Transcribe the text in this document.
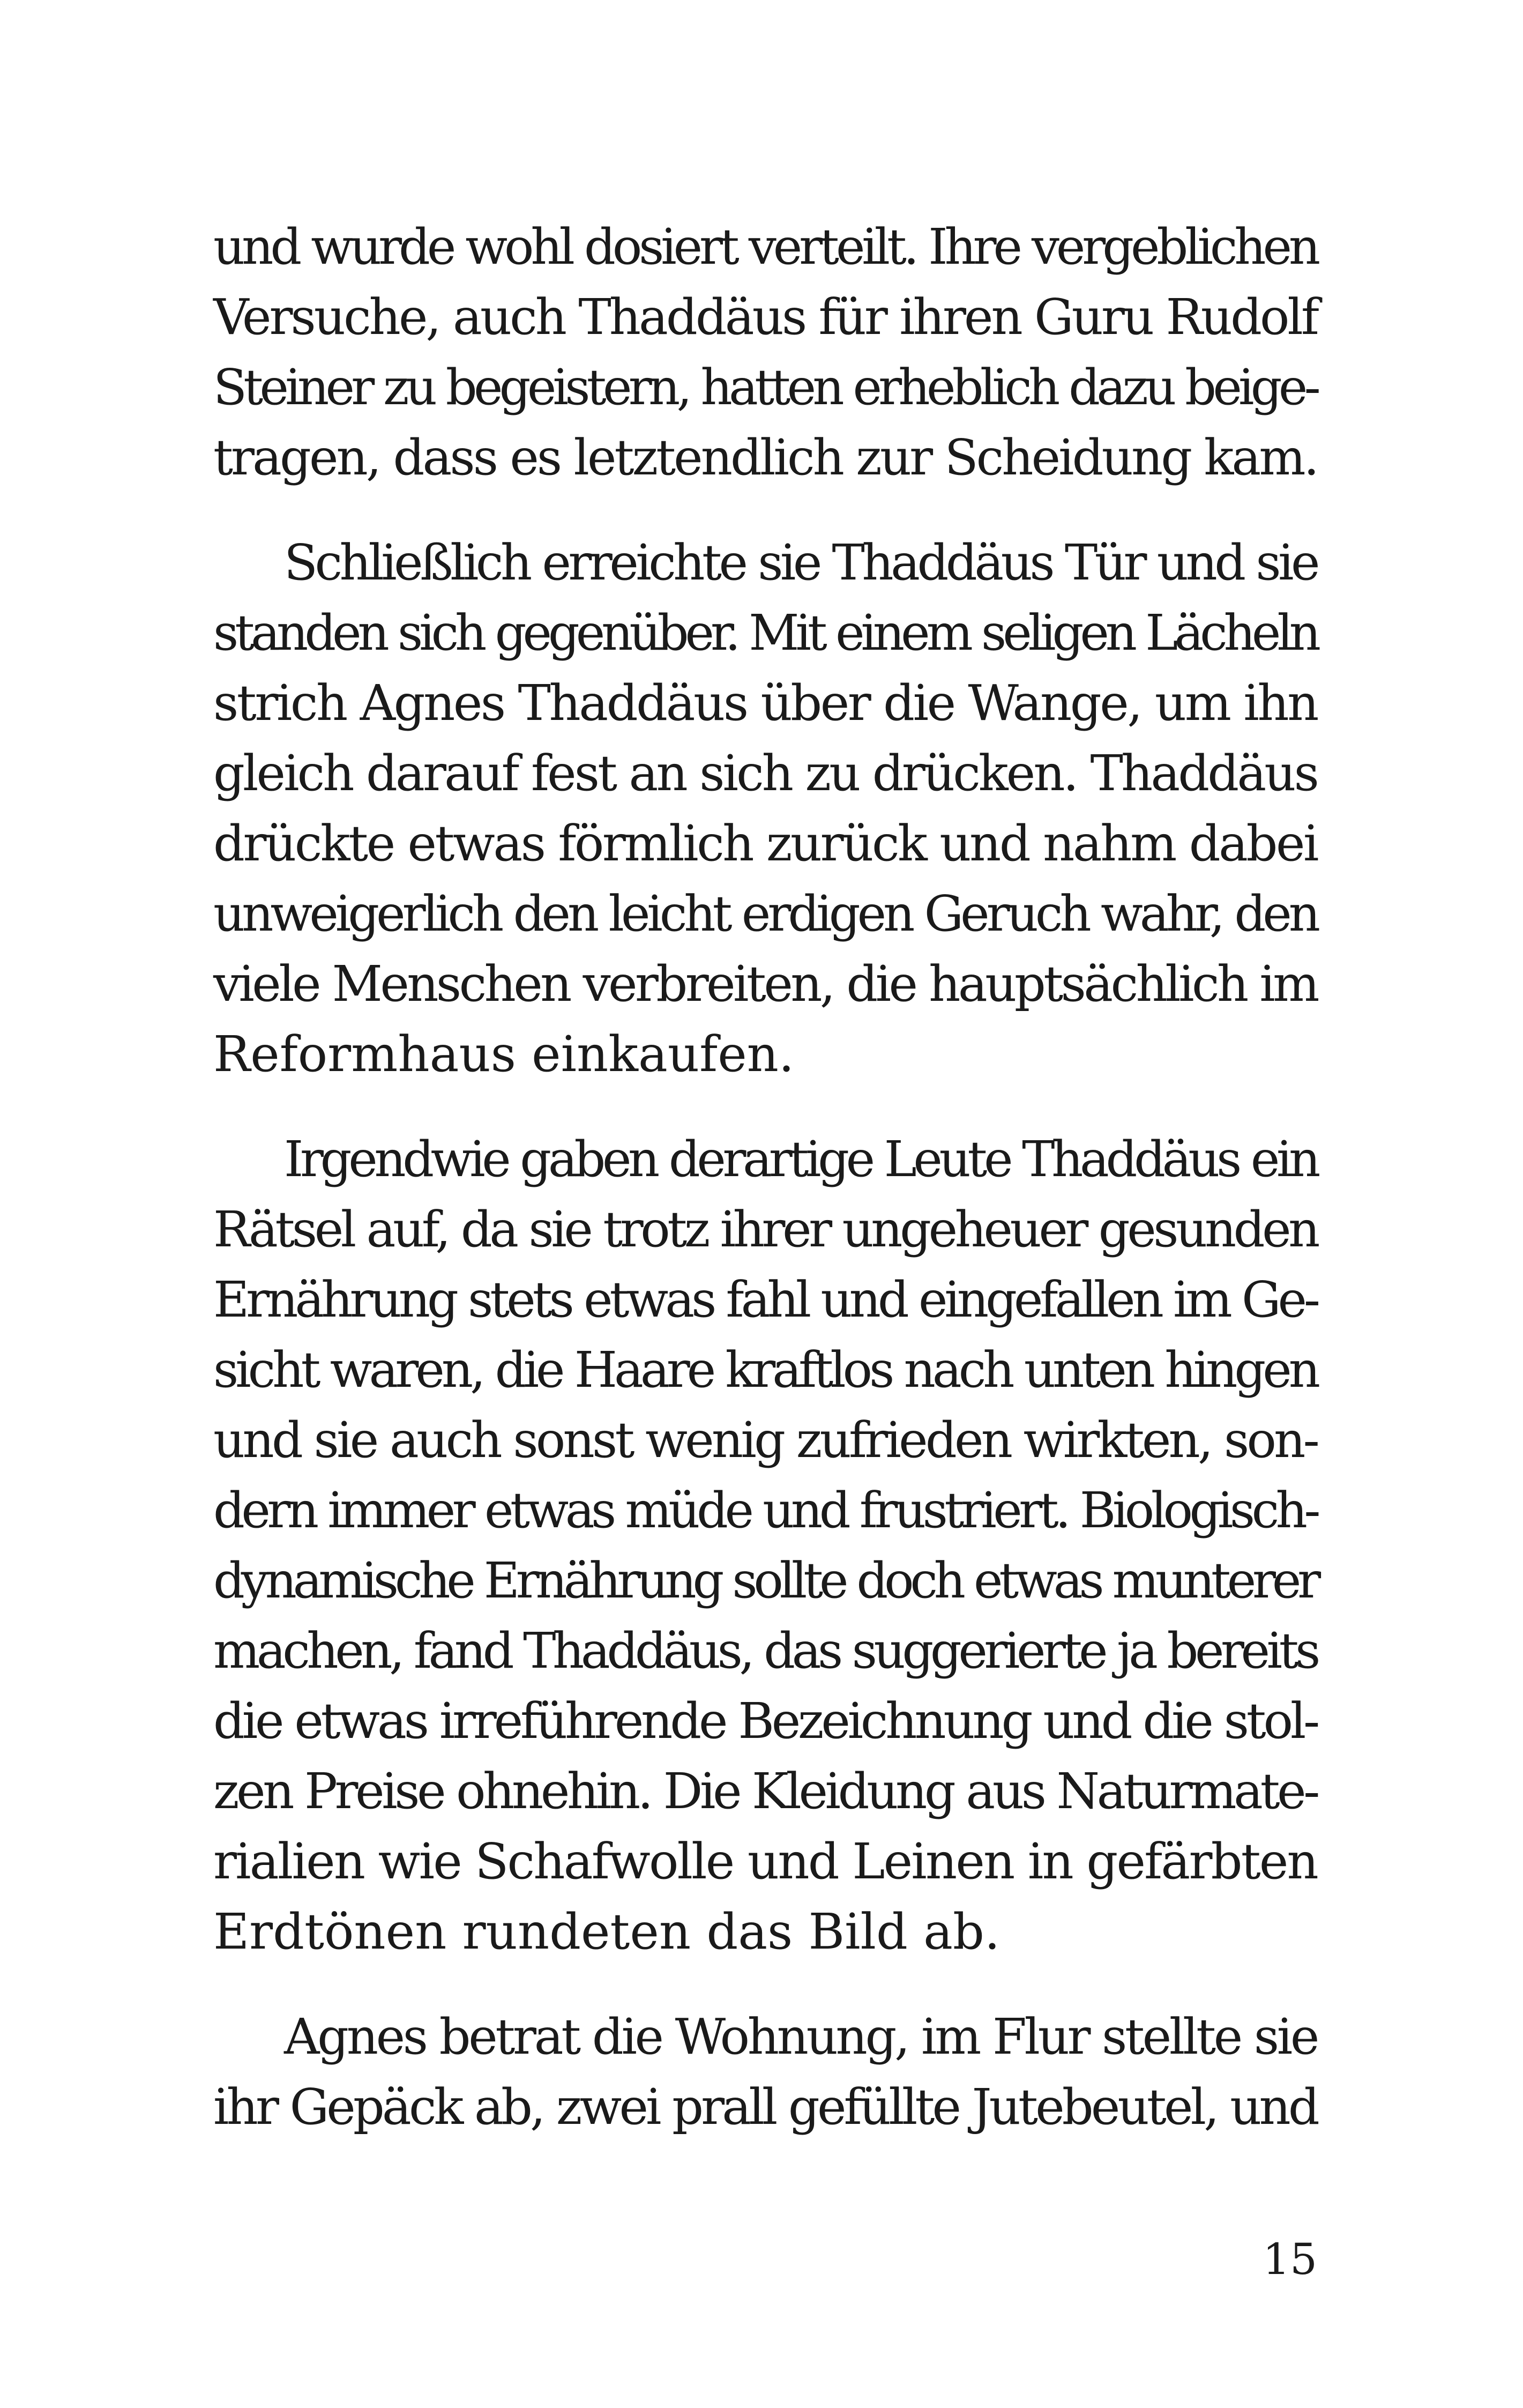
und wurde wohl dosiert verteilt. Ihre vergeblichen
Versuche, auch Thaddäus für ihren Guru Rudolf
Steiner zu begeistern, hatten erheblich dazu beige-
tragen, dass es letztendlich zur Scheidung kam.
Schließlich erreichte sie Thaddäus Tür und sie
standen sich gegenüber. Mit einem seligen Lächeln
strich Agnes Thaddäus über die Wange, um ihn
gleich darauf fest an sich zu drücken. Thaddäus
drückte etwas förmlich zurück und nahm dabei
unweigerlich den leicht erdigen Geruch wahr, den
viele Menschen verbreiten, die hauptsächlich im
Reformhaus einkaufen.
Irgendwie gaben derartige Leute Thaddäus ein
Rätsel auf, da sie trotz ihrer ungeheuer gesunden
Ernährung stets etwas fahl und eingefallen im Ge-
sicht waren, die Haare kraftlos nach unten hingen
und sie auch sonst wenig zufrieden wirkten, son-
dern immer etwas müde und frustriert. Biologisch-
dynamische Ernährung sollte doch etwas munterer
machen, fand Thaddäus, das suggerierte ja bereits
die etwas irreführende Bezeichnung und die stol-
zen Preise ohnehin. Die Kleidung aus Naturmate-
rialien wie Schafwolle und Leinen in gefärbten
Erdtönen rundeten das Bild ab.
Agnes betrat die Wohnung, im Flur stellte sie
ihr Gepäck ab, zwei prall gefüllte Jutebeutel, und
15
